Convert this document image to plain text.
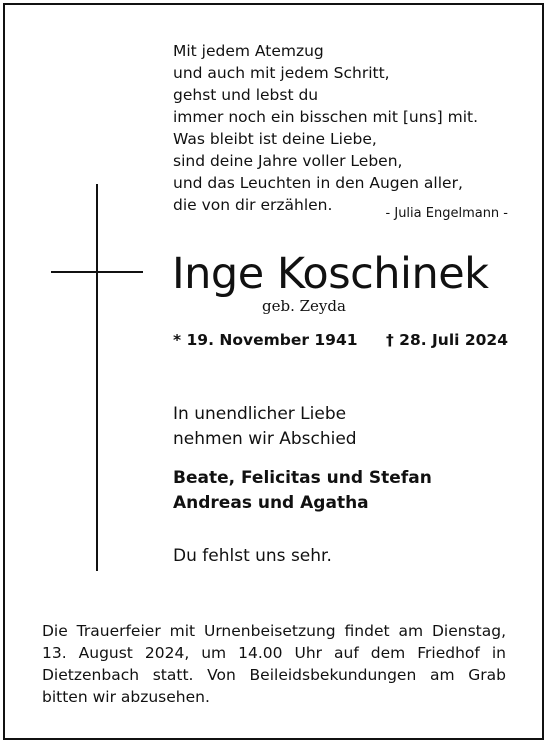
Mit jedem Atemzug
und auch mit jedem Schritt,
gehst und lebst du
immer noch ein bisschen mit [uns] mit.
Was bleibt ist deine Liebe,
sind deine Jahre voller Leben,
und das Leuchten in den Augen aller,
die von dir erzählen.	- Julia Engelmann -
Inge Koschinek
geb. Zeyda
* 19. November 1941 † 28. Juli 2024
In unendlicher Liebe
nehmen wir Abschied
Beate, Felicitas und Stefan
Andreas und Agatha
Du fehlst uns sehr.
Die Trauerfeier mit Urnenbeisetzung findet am Dienstag, 13. August 2024, um 14.00 Uhr auf dem Friedhof in Dietzenbach statt. Von Beileidsbekundungen am Grab bitten wir abzusehen.
